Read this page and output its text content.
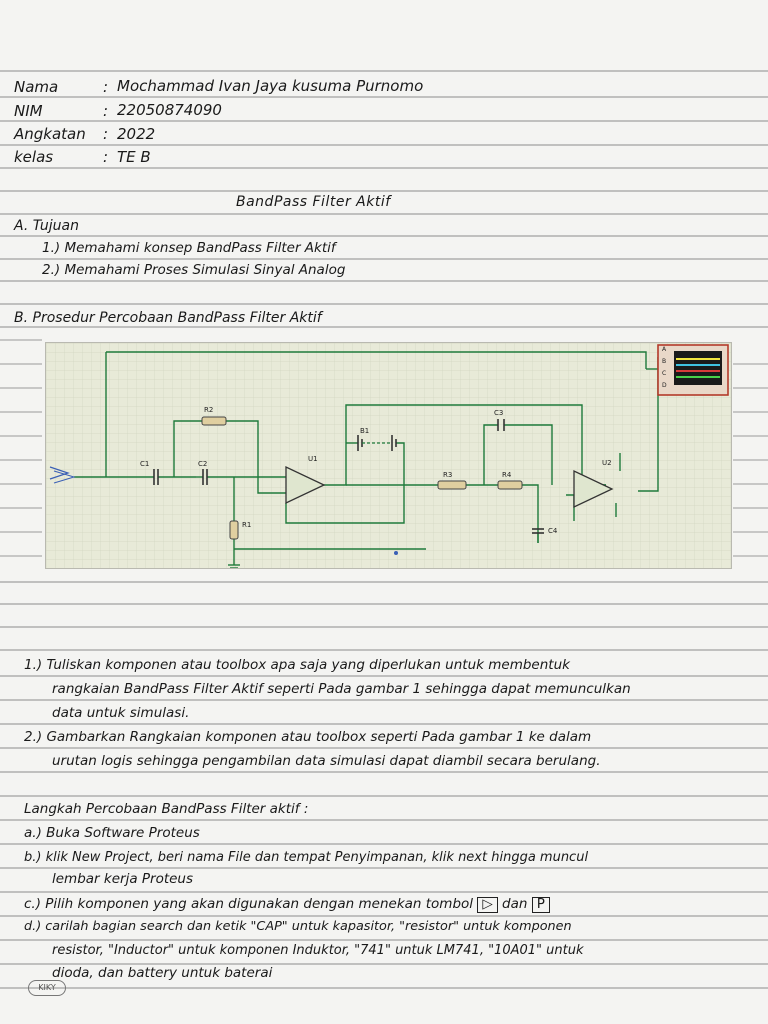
Nama	: Mochammad Ivan Jaya kusuma Purnomo
NIM	: 22050874090
Angkatan : 2022
kelas	: TE B
BandPass Filter Aktif
A. Tujuan
1.) Memahami konsep BandPass Filter Aktif
2.) Memahami Proses Simulasi Sinyal Analog
B. Prosedur Percobaan BandPass Filter Aktif
R2
R1
R3	R4
C1	C2
C3
C4
B1
U1	U2
A
B
C
D
1.) Tuliskan komponen atau toolbox apa saja yang diperlukan untuk membentuk
rangkaian BandPass Filter Aktif seperti Pada gambar 1 sehingga dapat memunculkan
data untuk simulasi.
2.) Gambarkan Rangkaian komponen atau toolbox seperti Pada gambar 1 ke dalam
urutan logis sehingga pengambilan data simulasi dapat diambil secara berulang.
Langkah Percobaan BandPass Filter aktif :
a.) Buka Software Proteus
b.) klik New Project, beri nama File dan tempat Penyimpanan, klik next hingga muncul
lembar kerja Proteus
c.) Pilih komponen yang akan digunakan dengan menekan tombol ▷ dan P
d.) carilah bagian search dan ketik "CAP" untuk kapasitor, "resistor" untuk komponen
resistor, "Inductor" untuk komponen Induktor, "741" untuk LM741, "10A01" untuk
dioda, dan battery untuk baterai
KIKY
